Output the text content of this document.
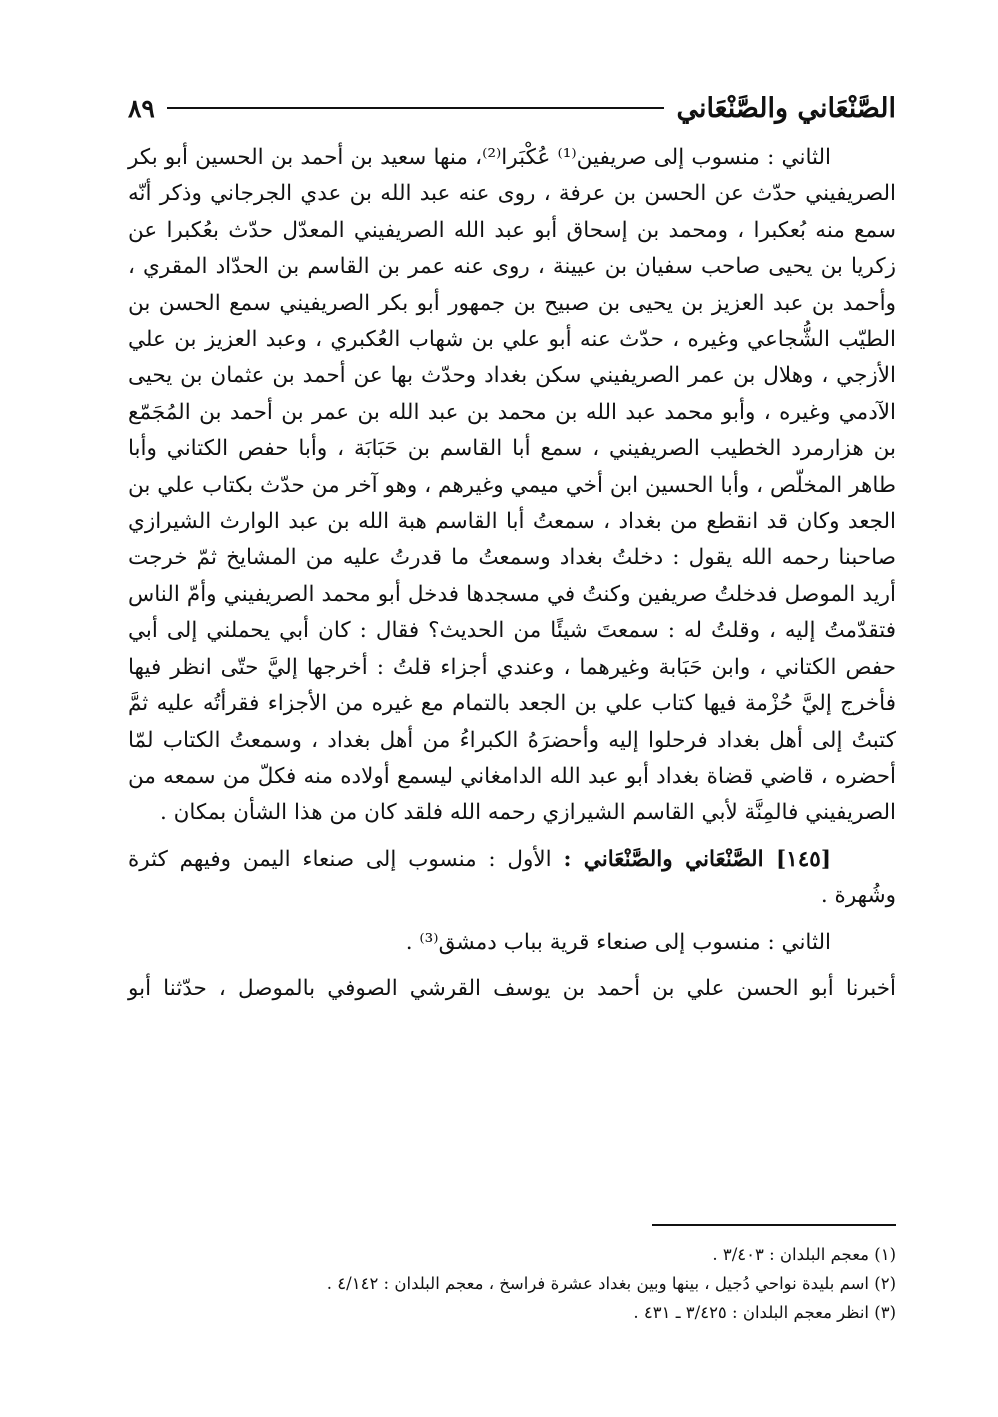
الصَّنْعَاني والصَّنْعَاني
٨٩

الثاني : منسوب إلى صريفين⁽¹⁾ عُكْبَرا⁽²⁾، منها سعيد بن أحمد بن الحسين أبو بكر الصريفيني حدّث عن الحسن بن عرفة ، روى عنه عبد الله بن عدي الجرجاني وذكر أنّه سمع منه بُعكبرا ، ومحمد بن إسحاق أبو عبد الله الصريفيني المعدّل حدّث بعُكبرا عن زكريا بن يحيى صاحب سفيان بن عيينة ، روى عنه عمر بن القاسم بن الحدّاد المقري ، وأحمد بن عبد العزيز بن يحيى بن صبيح بن جمهور أبو بكر الصريفيني سمع الحسن بن الطيّب الشُّجاعي وغيره ، حدّث عنه أبو علي بن شهاب العُكبري ، وعبد العزيز بن علي الأزجي ، وهلال بن عمر الصريفيني سكن بغداد وحدّث بها عن أحمد بن عثمان بن يحيى الآدمي وغيره ، وأبو محمد عبد الله بن محمد بن عبد الله بن عمر بن أحمد بن المُجَمّع بن هزارمرد الخطيب الصريفيني ، سمع أبا القاسم بن حَبَابَة ، وأبا حفص الكتاني وأبا طاهر المخلّص ، وأبا الحسين ابن أخي ميمي وغيرهم ، وهو آخر من حدّث بكتاب علي بن الجعد وكان قد انقطع من بغداد ، سمعتُ أبا القاسم هبة الله بن عبد الوارث الشيرازي صاحبنا رحمه الله يقول : دخلتُ بغداد وسمعتُ ما قدرتُ عليه من المشايخ ثمّ خرجت أريد الموصل فدخلتُ صريفين وكنتُ في مسجدها فدخل أبو محمد الصريفيني وأمّ الناس فتقدّمتُ إليه ، وقلتُ له : سمعتَ شيئًا من الحديث؟ فقال : كان أبي يحملني إلى أبي حفص الكتاني ، وابن حَبَابة وغيرهما ، وعندي أجزاء قلتُ : أخرجها إليَّ حتّى انظر فيها فأخرج إليَّ حُزْمة فيها كتاب علي بن الجعد بالتمام مع غيره من الأجزاء فقرأتُه عليه ثمَّ كتبتُ إلى أهل بغداد فرحلوا إليه وأحضرَهُ الكبراءُ من أهل بغداد ، وسمعتُ الكتاب لمّا أحضره ، قاضي قضاة بغداد أبو عبد الله الدامغاني ليسمع أولاده منه فكلّ من سمعه من الصريفيني فالمِنَّة لأبي القاسم الشيرازي رحمه الله فلقد كان من هذا الشأن بمكان .

[١٤٥] الصَّنْعَاني والصَّنْعَاني : الأول : منسوب إلى صنعاء اليمن وفيهم كثرة وشُهرة .

الثاني : منسوب إلى صنعاء قرية بباب دمشق⁽³⁾ .

أخبرنا أبو الحسن علي بن أحمد بن يوسف القرشي الصوفي بالموصل ، حدّثنا أبو

(١) معجم البلدان : ٣/٤٠٣ .

(٢) اسم بليدة نواحي دُجيل ، بينها وبين بغداد عشرة فراسخ ، معجم البلدان : ٤/١٤٢ .

(٣) انظر معجم البلدان : ٣/٤٢٥ ـ ٤٣١ .
